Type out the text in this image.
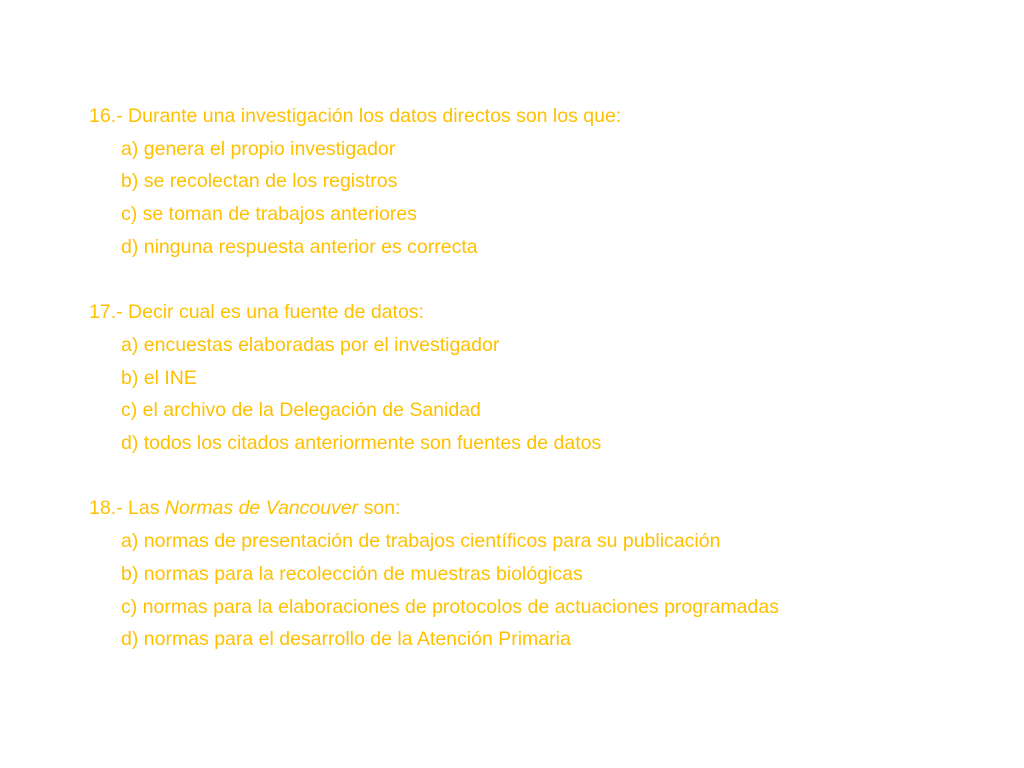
16.- Durante una investigación los datos directos son los que:
a) genera el propio investigador
b) se recolectan de los registros
c) se toman de trabajos anteriores
d) ninguna respuesta anterior es correcta
17.- Decir cual es una fuente de datos:
a) encuestas elaboradas por el investigador
b) el INE
c) el archivo de la Delegación de Sanidad
d) todos los citados anteriormente son fuentes de datos
18.- Las Normas de Vancouver son:
a) normas de presentación de trabajos científicos para su publicación
b) normas para la recolección de muestras biológicas
c) normas para la elaboraciones de protocolos de actuaciones programadas
d) normas para el desarrollo de la Atención Primaria
